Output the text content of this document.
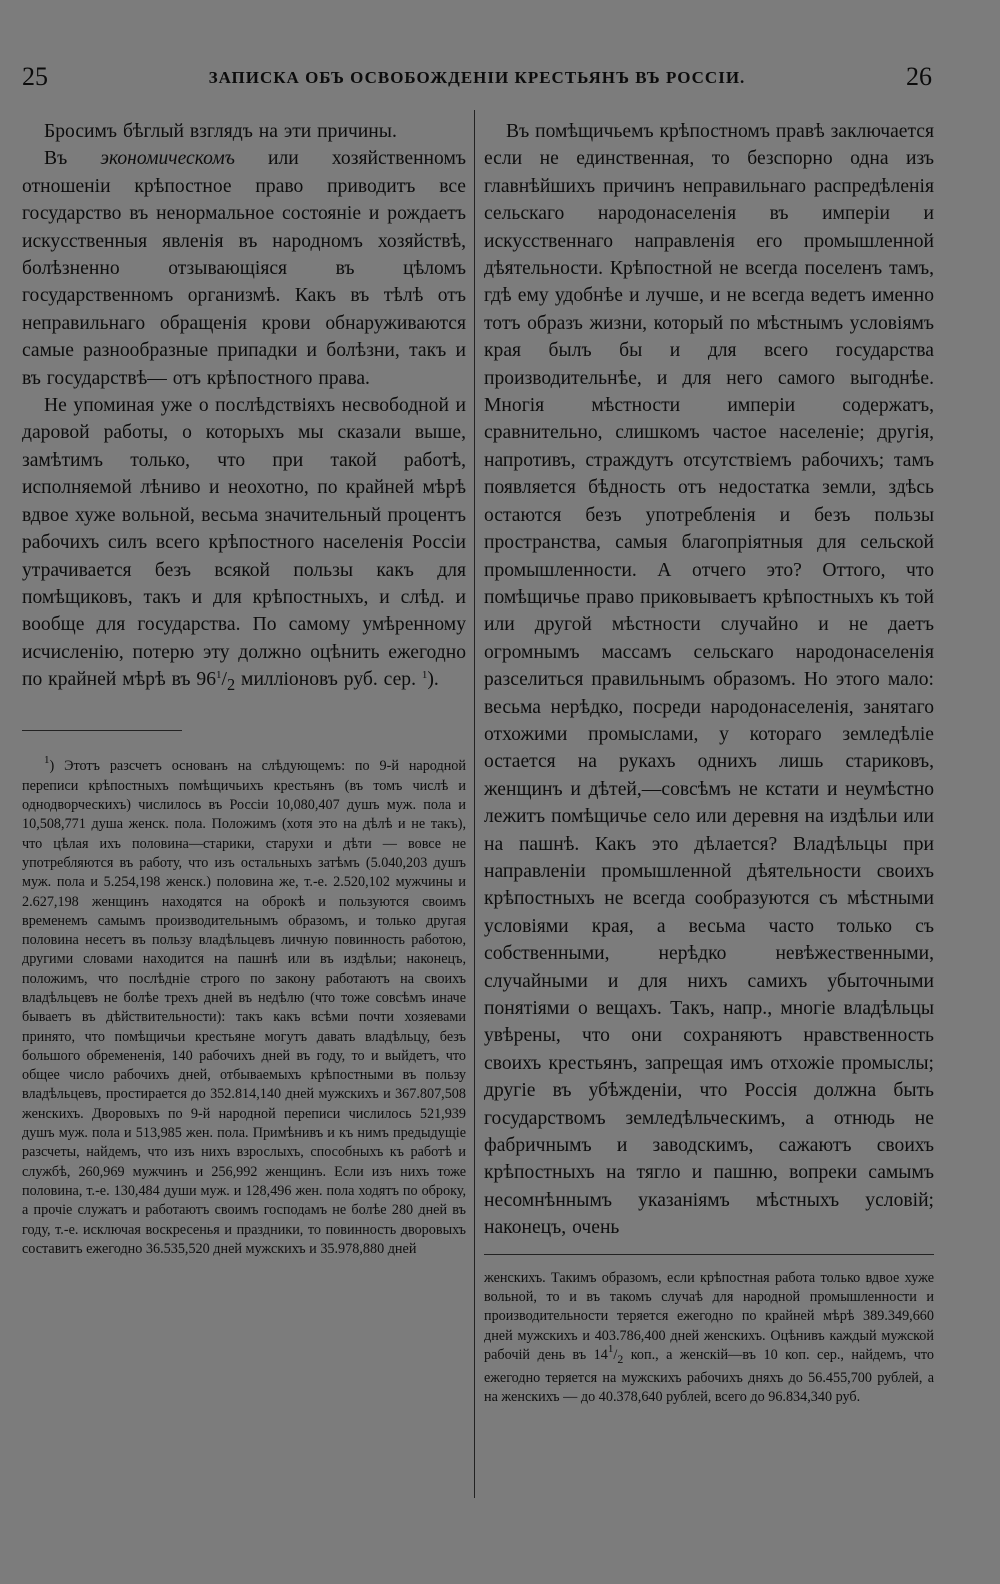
25	ЗАПИСКА ОБЪ ОСВОБОЖДЕНIИ КРЕСТЬЯНЪ ВЪ РОССIИ.	26

Бросимъ бѣглый взглядъ на эти причины.

Въ экономическомъ или хозяйственномъ отношенiи крѣпостное право приводитъ все государство въ ненормальное состоянiе и рождаетъ искусственныя явленiя въ народномъ хозяйствѣ, болѣзненно отзывающiяся въ цѣломъ государственномъ организмѣ. Какъ въ тѣлѣ отъ неправильнаго обращенiя крови обнаруживаются самые разнообразные припадки и болѣзни, такъ и въ государствѣ— отъ крѣпостного права.

Не упоминая уже о послѣдствiяхъ несвободной и даровой работы, о которыхъ мы сказали выше, замѣтимъ только, что при такой работѣ, исполняемой лѣниво и неохотно, по крайней мѣрѣ вдвое хуже вольной, весьма значительный процентъ рабочихъ силъ всего крѣпостного населенiя Россiи утрачивается безъ всякой пользы какъ для помѣщиковъ, такъ и для крѣпостныхъ, и слѣд. и вообще для государства. По самому умѣренному исчисленiю, потерю эту должно оцѣнить ежегодно по крайней мѣрѣ въ $96^1/_2$ миллiоновъ руб. сер. $^1$).

$^1$) Этотъ разсчетъ основанъ на слѣдующемъ: по 9-й народной переписи крѣпостныхъ помѣщичьихъ крестьянъ (въ томъ числѣ и однодворческихъ) числилось въ Россiи 10,080,407 душъ муж. пола и 10,508,771 душа женск. пола. Положимъ (хотя это на дѣлѣ и не такъ), что цѣлая ихъ половина—старики, старухи и дѣти — вовсе не употребляются въ работу, что изъ остальныхъ затѣмъ (5.040,203 душъ муж. пола и 5.254,198 женск.) половина же, т.-е. 2.520,102 мужчины и 2.627,198 женщинъ находятся на оброкѣ и пользуются своимъ временемъ самымъ производительнымъ образомъ, и только другая половина несетъ въ пользу владѣльцевъ личную повинность работою, другими словами находится на пашнѣ или въ издѣльи; наконецъ, положимъ, что послѣднiе строго по закону работаютъ на своихъ владѣльцевъ не болѣе трехъ дней въ недѣлю (что тоже совсѣмъ иначе бываетъ въ дѣйствительности): такъ какъ всѣми почти хозяевами принято, что помѣщичьи крестьяне могутъ давать владѣльцу, безъ большого обремененiя, 140 рабочихъ дней въ году, то и выйдетъ, что общее число рабочихъ дней, отбываемыхъ крѣпостными въ пользу владѣльцевъ, простирается до 352.814,140 дней мужскихъ и 367.807,508 женскихъ. Дворовыхъ по 9-й народной переписи числилось 521,939 душъ муж. пола и 513,985 жен. пола. Примѣнивъ и къ нимъ предыдущiе разсчеты, найдемъ, что изъ нихъ взрослыхъ, способныхъ къ работѣ и службѣ, 260,969 мужчинъ и 256,992 женщинъ. Если изъ нихъ тоже половина, т.-е. 130,484 души муж. и 128,496 жен. пола ходятъ по оброку, а прочiе служатъ и работаютъ своимъ господамъ не болѣе 280 дней въ году, т.-е. исключая воскресенья и праздники, то повинность дворовыхъ составитъ ежегодно 36.535,520 дней мужскихъ и 35.978,880 дней

Въ помѣщичьемъ крѣпостномъ правѣ заключается если не единственная, то безспорно одна изъ главнѣйшихъ причинъ неправильнаго распредѣленiя сельскаго народонаселенiя въ имперiи и искусственнаго направленiя его промышленной дѣятельности. Крѣпостной не всегда поселенъ тамъ, гдѣ ему удобнѣе и лучше, и не всегда ведетъ именно тотъ образъ жизни, который по мѣстнымъ условiямъ края былъ бы и для всего государства производительнѣе, и для него самого выгоднѣе. Многiя мѣстности имперiи содержатъ, сравнительно, слишкомъ частое населенiе; другiя, напротивъ, страждутъ отсутствiемъ рабочихъ; тамъ появляется бѣдность отъ недостатка земли, здѣсь остаются безъ употребленiя и безъ пользы пространства, самыя благопрiятныя для сельской промышленности. А отчего это? Оттого, что помѣщичье право приковываетъ крѣпостныхъ къ той или другой мѣстности случайно и не даетъ огромнымъ массамъ сельскаго народонаселенiя разселиться правильнымъ образомъ. Но этого мало: весьма нерѣдко, посреди народонаселенiя, занятаго отхожими промыслами, у котораго земледѣлiе остается на рукахъ однихъ лишь стариковъ, женщинъ и дѣтей,—совсѣмъ не кстати и неумѣстно лежитъ помѣщичье село или деревня на издѣльи или на пашнѣ. Какъ это дѣлается? Владѣльцы при направленiи промышленной дѣятельности своихъ крѣпостныхъ не всегда сообразуются съ мѣстными условiями края, а весьма часто только съ собственными, нерѣдко невѣжественными, случайными и для нихъ самихъ убыточными понятiями о вещахъ. Такъ, напр., многiе владѣльцы увѣрены, что они сохраняютъ нравственность своихъ крестьянъ, запрещая имъ отхожiе промыслы; другiе въ убѣжденiи, что Россiя должна быть государствомъ земледѣльческимъ, а отнюдь не фабричнымъ и заводскимъ, сажаютъ своихъ крѣпостныхъ на тягло и пашню, вопреки самымъ несомнѣннымъ указанiямъ мѣстныхъ условiй; наконецъ, очень

женскихъ. Такимъ образомъ, если крѣпостная работа только вдвое хуже вольной, то и въ такомъ случаѣ для народной промышленности и производительности теряется ежегодно по крайней мѣрѣ 389.349,660 дней мужскихъ и 403.786,400 дней женскихъ. Оцѣнивъ каждый мужской рабочiй день въ $14^1/_2$ коп., а женскiй—въ 10 коп. сер., найдемъ, что ежегодно теряется на мужскихъ рабочихъ дняхъ до 56.455,700 рублей, а на женскихъ — до 40.378,640 рублей, всего до 96.834,340 руб.
